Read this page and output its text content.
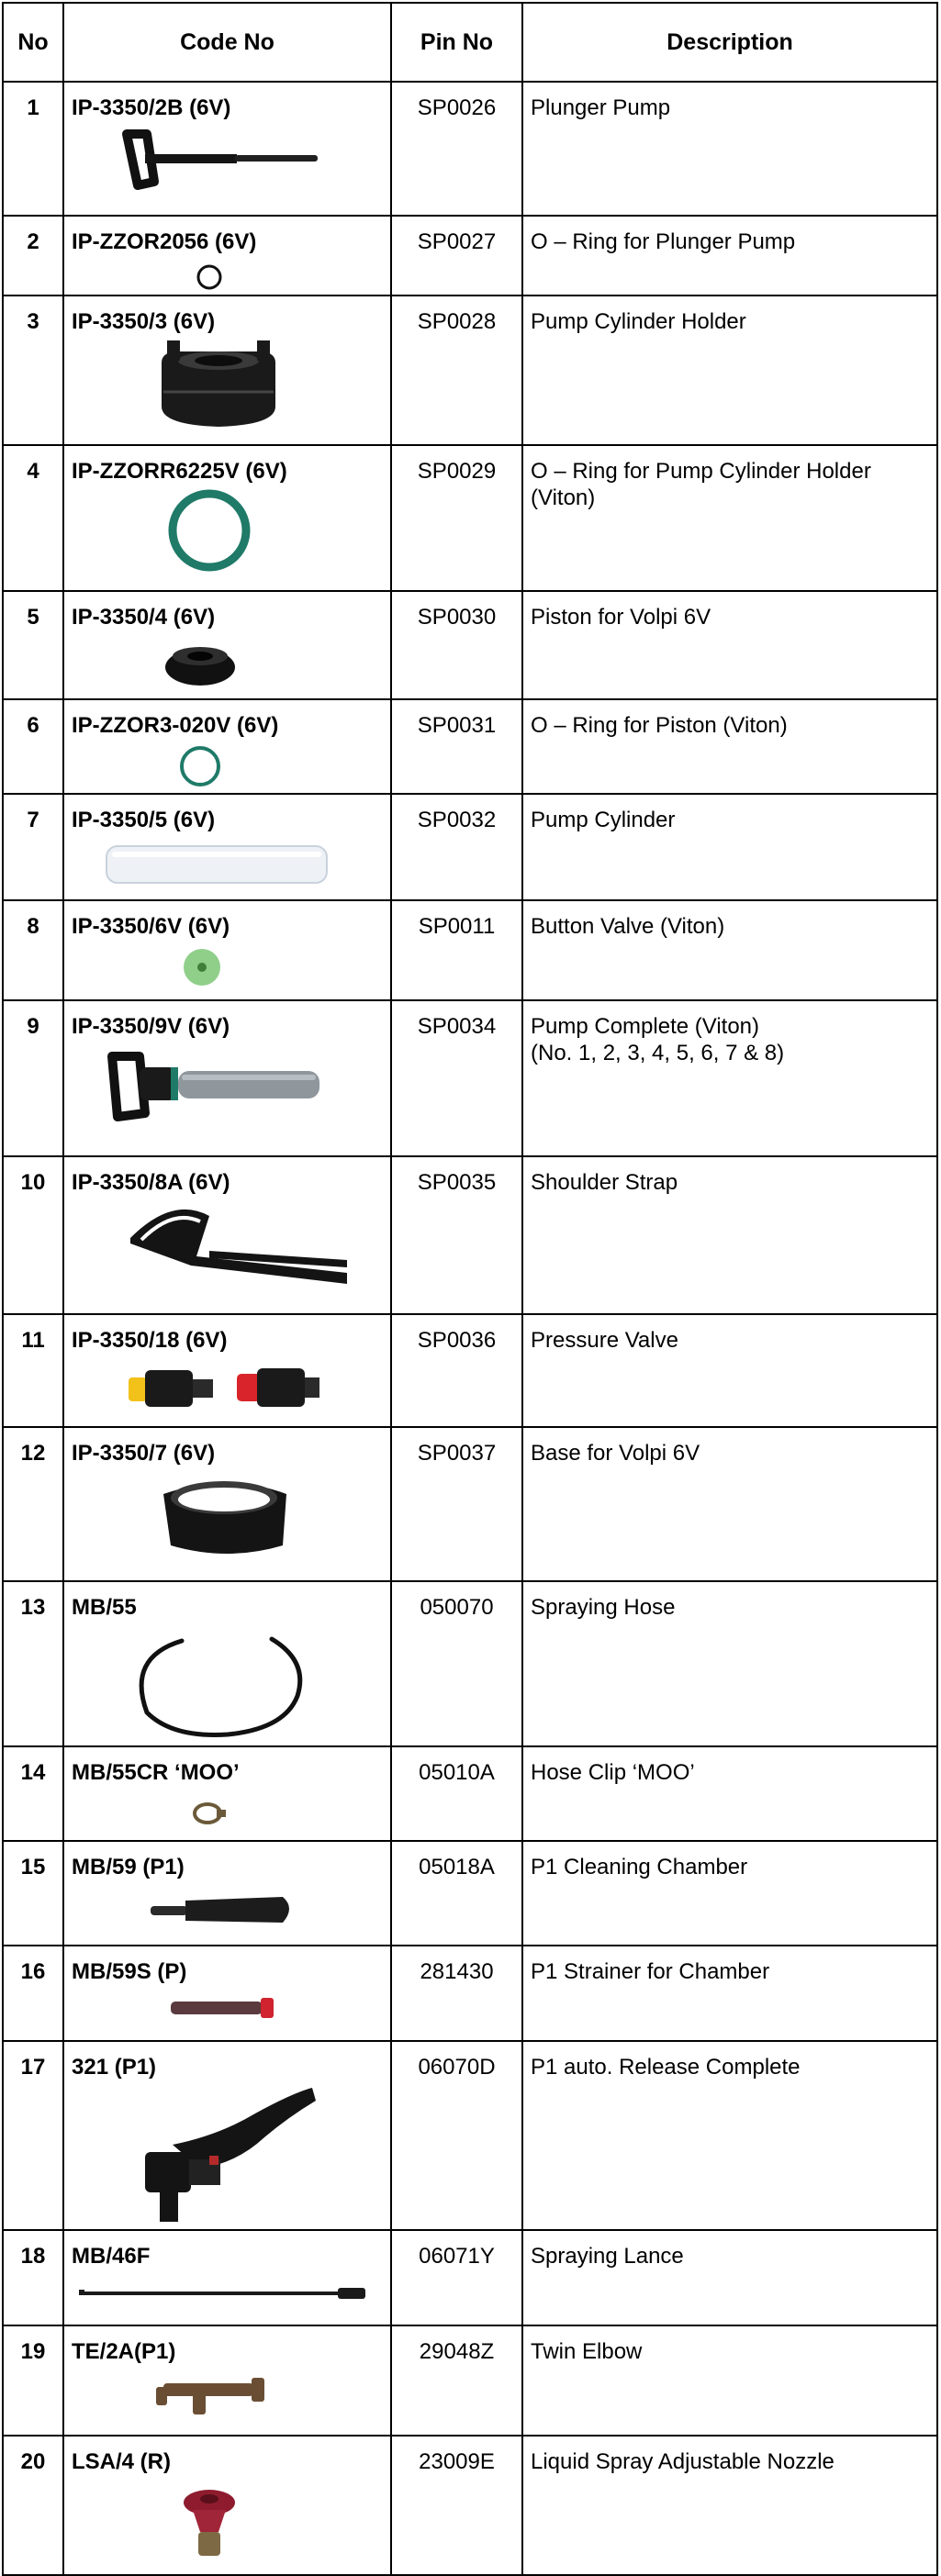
No	Code No	Pin No	Description
1	IP-3350/2B (6V)	SP0026	Plunger Pump

2	IP-ZZOR2056 (6V)	SP0027	O – Ring for Plunger Pump

3	IP-3350/3 (6V)	SP0028	Pump Cylinder Holder

4	IP-ZZORR6225V (6V)	SP0029	O – Ring for Pump Cylinder Holder
(Viton)

5	IP-3350/4 (6V)	SP0030	Piston for Volpi 6V

6	IP-ZZOR3-020V (6V)	SP0031	O – Ring for Piston (Viton)

7	IP-3350/5 (6V)	SP0032	Pump Cylinder

8	IP-3350/6V (6V)	SP0011	Button Valve (Viton)

9	IP-3350/9V (6V)	SP0034	Pump Complete (Viton)
(No. 1, 2, 3, 4, 5, 6, 7 & 8)

10	IP-3350/8A (6V)	SP0035	Shoulder Strap

11	IP-3350/18 (6V)	SP0036	Pressure Valve

12	IP-3350/7 (6V)	SP0037	Base for Volpi 6V

13	MB/55	050070	Spraying Hose

14	MB/55CR ‘MOO’	05010A	Hose Clip ‘MOO’

15	MB/59 (P1)	05018A	P1 Cleaning Chamber

16	MB/59S (P)	281430	P1 Strainer for Chamber

17	321 (P1)	06070D	P1 auto. Release Complete

18	MB/46F	06071Y	Spraying Lance

19	TE/2A(P1)	29048Z	Twin Elbow

20	LSA/4 (R)	23009E	Liquid Spray Adjustable Nozzle
